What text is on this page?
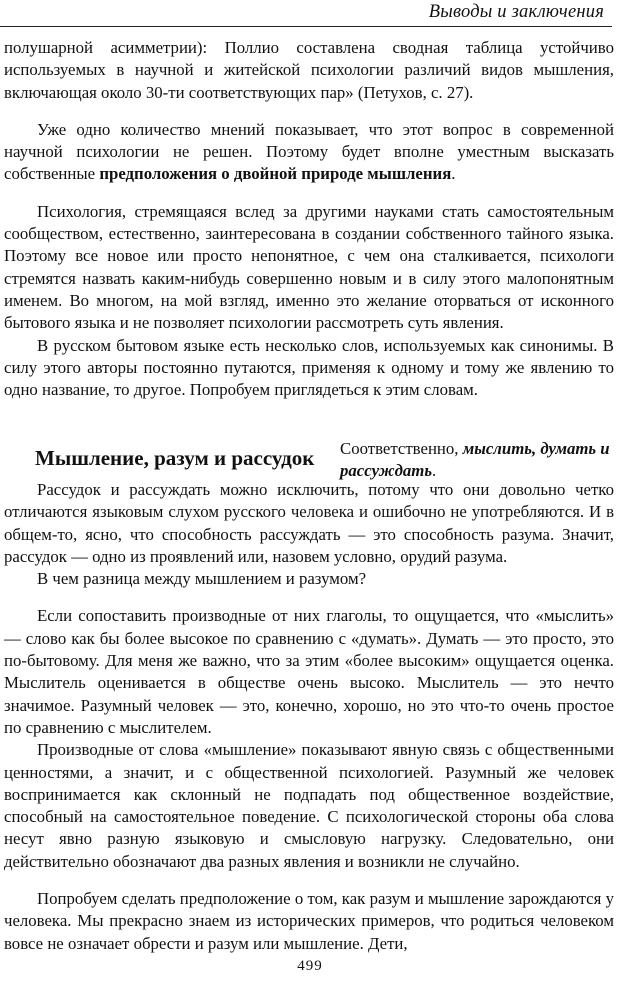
Выводы и заключения

полушарной асимметрии): Поллио составлена сводная таблица устойчиво используемых в научной и житейской психологии различий видов мышления, включающая около 30-ти соответствующих пар» (Петухов, с. 27).

Уже одно количество мнений показывает, что этот вопрос в современной научной психологии не решен. Поэтому будет вполне уместным высказать собственные предположения о двойной природе мышления.

Психология, стремящаяся вслед за другими науками стать самостоятельным сообществом, естественно, заинтересована в создании собственного тайного языка. Поэтому все новое или просто непонятное, с чем она сталкивается, психологи стремятся назвать каким-нибудь совершенно новым и в силу этого малопонятным именем. Во многом, на мой взгляд, именно это желание оторваться от исконного бытового языка и не позволяет психологии рассмотреть суть явления.

В русском бытовом языке есть несколько слов, используемых как синонимы. В силу этого авторы постоянно путаются, применяя к одному и тому же явлению то одно название, то другое. Попробуем приглядеться к этим словам.

Мышление, разум и рассудок Соответственно, мыслить, думать и рассуждать.

Рассудок и рассуждать можно исключить, потому что они довольно четко отличаются языковым слухом русского человека и ошибочно не употребляются. И в общем-то, ясно, что способность рассуждать — это способность разума. Значит, рассудок — одно из проявлений или, назовем условно, орудий разума.

В чем разница между мышлением и разумом?

Если сопоставить производные от них глаголы, то ощущается, что «мыслить» — слово как бы более высокое по сравнению с «думать». Думать — это просто, это по-бытовому. Для меня же важно, что за этим «более высоким» ощущается оценка. Мыслитель оценивается в обществе очень высоко. Мыслитель — это нечто значимое. Разумный человек — это, конечно, хорошо, но это что-то очень простое по сравнению с мыслителем.

Производные от слова «мышление» показывают явную связь с общественными ценностями, а значит, и с общественной психологией. Разумный же человек воспринимается как склонный не подпадать под общественное воздействие, способный на самостоятельное поведение. С психологической стороны оба слова несут явно разную языковую и смысловую нагрузку. Следовательно, они действительно обозначают два разных явления и возникли не случайно.

Попробуем сделать предположение о том, как разум и мышление зарождаются у человека. Мы прекрасно знаем из исторических примеров, что родиться человеком вовсе не означает обрести и разум или мышление. Дети,

499
